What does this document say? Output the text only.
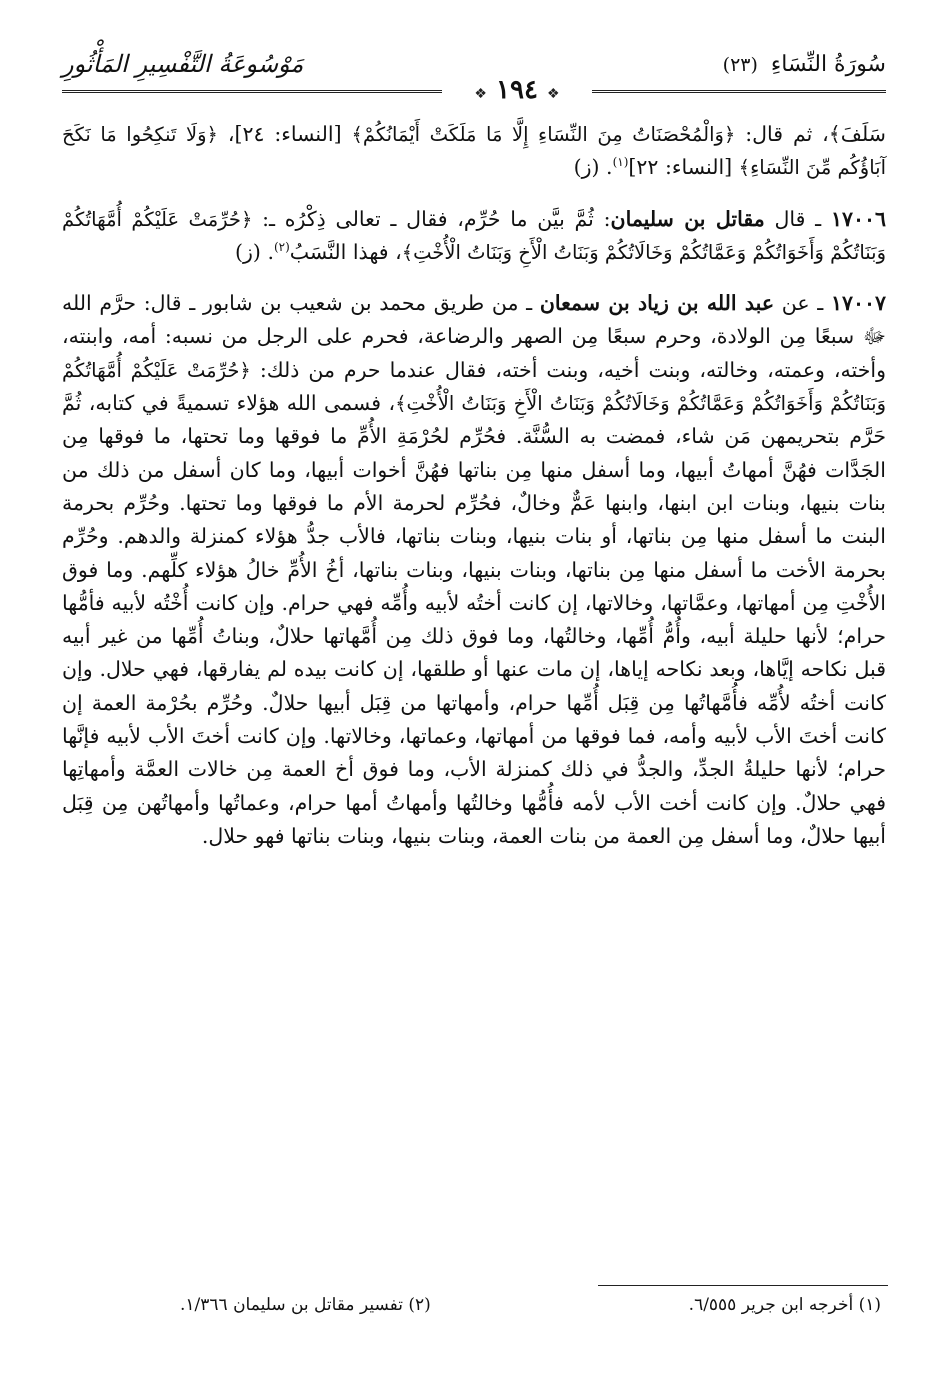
سُورَةُ النِّسَاءِ (٢٣)
مَوْسُوعَةُ التَّفْسِيرِ المَأْثُورِ
❖ ١٩٤ ❖

سَلَفَ﴾، ثم قال: ﴿وَالْمُحْصَنَاتُ مِنَ النِّسَاءِ إِلَّا مَا مَلَكَتْ أَيْمَانُكُمْ﴾ [النساء: ٢٤]، ﴿وَلَا تَنكِحُوا مَا نَكَحَ آبَاؤُكُم مِّنَ النِّسَاءِ﴾ [النساء: ٢٢]$^{(١)}$. (ز)

١٧٠٠٦ ـ قال مقاتل بن سليمان: ثُمَّ بيَّن ما حُرِّم، فقال ـ تعالى ذِكْرُه ـ: ﴿حُرِّمَتْ عَلَيْكُمْ أُمَّهَاتُكُمْ وَبَنَاتُكُمْ وَأَخَوَاتُكُمْ وَعَمَّاتُكُمْ وَخَالَاتُكُمْ وَبَنَاتُ الْأَخِ وَبَنَاتُ الْأُخْتِ﴾، فهذا النَّسَبُ$^{(٢)}$. (ز)

١٧٠٠٧ ـ عن عبد الله بن زياد بن سمعان ـ من طريق محمد بن شعيب بن شابور ـ قال: حرَّم الله ﷻ سبعًا مِن الولادة، وحرم سبعًا مِن الصهر والرضاعة، فحرم على الرجل من نسبه: أمه، وابنته، وأخته، وعمته، وخالته، وبنت أخيه، وبنت أخته، فقال عندما حرم من ذلك: ﴿حُرِّمَتْ عَلَيْكُمْ أُمَّهَاتُكُمْ وَبَنَاتُكُمْ وَأَخَوَاتُكُمْ وَعَمَّاتُكُمْ وَخَالَاتُكُمْ وَبَنَاتُ الْأَخِ وَبَنَاتُ الْأُخْتِ﴾، فسمى الله هؤلاء تسميةً في كتابه، ثُمَّ حَرَّم بتحريمهن مَن شاء، فمضت به السُّنَّة. فحُرِّم لحُرْمَةِ الأُمِّ ما فوقها وما تحتها، ما فوقها مِن الجَدَّات فهُنَّ أمهاتُ أبيها، وما أسفل منها مِن بناتها فهُنَّ أخوات أبيها، وما كان أسفل من ذلك من بنات بنيها، وبنات ابن ابنها، وابنها عَمٌّ وخالٌ، فحُرِّم لحرمة الأم ما فوقها وما تحتها. وحُرِّم بحرمة البنت ما أسفل منها مِن بناتها، أو بنات بنيها، وبنات بناتها، فالأب جدُّ هؤلاء كمنزلة والدهم. وحُرِّم بحرمة الأخت ما أسفل منها مِن بناتها، وبنات بنيها، وبنات بناتها، أخُ الأُمِّ خالُ هؤلاء كلِّهم. وما فوق الأُخْتِ مِن أمهاتها، وعمَّاتها، وخالاتها، إن كانت أختُه لأبيه وأُمِّه فهي حرام. وإن كانت أُخْتُه لأبيه فأمُّها حرام؛ لأنها حليلة أبيه، وأُمُّ أُمِّها، وخالتُها، وما فوق ذلك مِن أُمَّهاتها حلالٌ، وبناتُ أُمِّها من غير أبيه قبل نكاحه إيَّاها، وبعد نكاحه إياها، إن مات عنها أو طلقها، إن كانت بيده لم يفارقها، فهي حلال. وإن كانت أختُه لأُمِّه فأُمَّهاتُها مِن قِبَل أُمِّها حرام، وأمهاتها من قِبَل أبيها حلالٌ. وحُرِّم بحُرْمة العمة إن كانت أختَ الأب لأبيه وأمه، فما فوقها من أمهاتها، وعماتها، وخالاتها. وإن كانت أختَ الأب لأبيه فإنَّها حرام؛ لأنها حليلةُ الجدِّ، والجدُّ في ذلك كمنزلة الأب، وما فوق أخ العمة مِن خالات العمَّة وأمهاتِها فهي حلالٌ. وإن كانت أخت الأب لأمه فأُمُّها وخالتُها وأمهاتُ أمها حرام، وعماتُها وأمهاتُهن مِن قِبَل أبيها حلالٌ، وما أسفل مِن العمة من بنات العمة، وبنات بنيها، وبنات بناتها فهو حلال.

(١) أخرجه ابن جرير ٦/٥٥٥.
(٢) تفسير مقاتل بن سليمان ١/٣٦٦.
